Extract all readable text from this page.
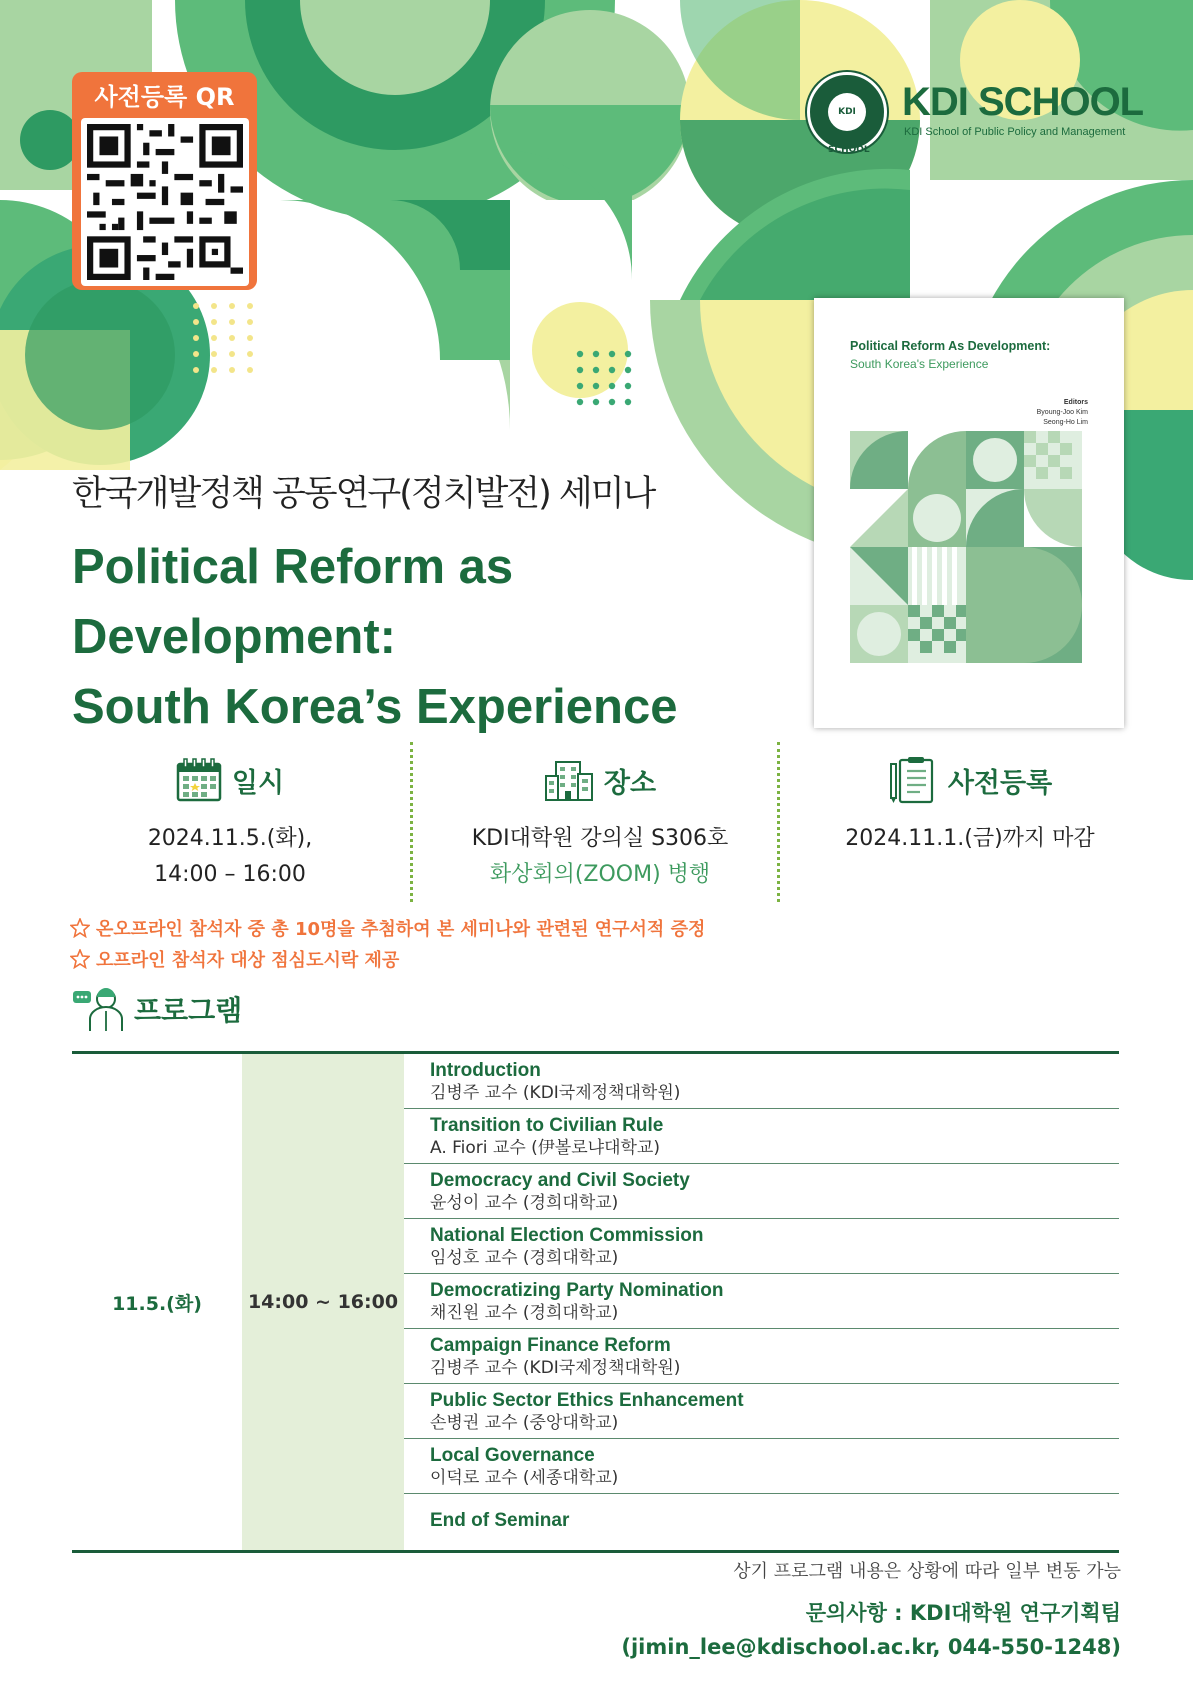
사전등록 QR
KDI SCHOOL
KDI SCHOOL
KDI School of Public Policy and Management
Political Reform As Development:
South Korea's Experience
Editors
Byoung-Joo Kim
Seong-Ho Lim
한국개발정책 공동연구(정치발전) 세미나
Political Reform as
Development:
South Korea’s Experience
일시
2024.11.5.(화),
14:00 – 16:00
장소
KDI대학원 강의실 S306호
화상회의(ZOOM) 병행
사전등록
2024.11.1.(금)까지 마감
온오프라인 참석자 중 총 10명을 추첨하여 본 세미나와 관련된 연구서적 증정
오프라인 참석자 대상 점심도시락 제공
프로그램
11.5.(화)	14:00 ~ 16:00
Introduction
김병주 교수 (KDI국제정책대학원)
Transition to Civilian Rule
A. Fiori 교수 (伊볼로냐대학교)
Democracy and Civil Society
윤성이 교수 (경희대학교)
National Election Commission
임성호 교수 (경희대학교)
Democratizing Party Nomination
채진원 교수 (경희대학교)
Campaign Finance Reform
김병주 교수 (KDI국제정책대학원)
Public Sector Ethics Enhancement
손병권 교수 (중앙대학교)
Local Governance
이덕로 교수 (세종대학교)
End of Seminar
상기 프로그램 내용은 상황에 따라 일부 변동 가능
문의사항 : KDI대학원 연구기획팀
(jimin_lee@kdischool.ac.kr, 044-550-1248)
